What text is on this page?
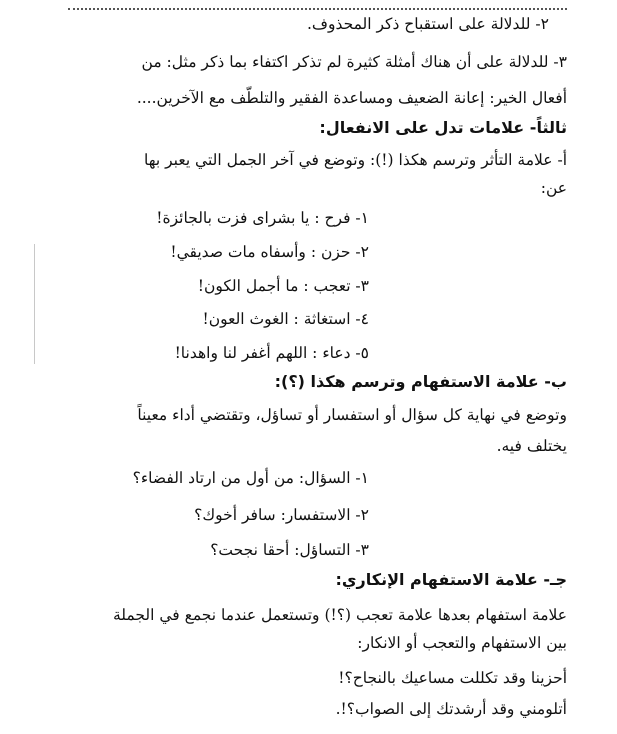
٢- للدلالة على استقباح ذكر المحذوف.

٣- للدلالة على أن هناك أمثلة كثيرة لم تذكر اكتفاء بما ذكر مثل: من

أفعال الخير: إعانة الضعيف ومساعدة الفقير والتلطّف مع الآخرين....

ثالثاً- علامات تدل على الانفعال:

أ- علامة التأثر وترسم هكذا (!): وتوضع في آخر الجمل التي يعبر بها

عن:

١- فرح : يا بشراى فزت بالجائزة!

٢- حزن : وأسفاه مات صديقي!

٣- تعجب : ما أجمل الكون!

٤- استغاثة : الغوث العون!

٥- دعاء : اللهم أغفر لنا واهدنا!

ب- علامة الاستفهام وترسم هكذا (؟):

وتوضع في نهاية كل سؤال أو استفسار أو تساؤل، وتقتضي أداء معيناً

يختلف فيه.

١- السؤال: من أول من ارتاد الفضاء؟

٢- الاستفسار: سافر أخوك؟

٣- التساؤل: أحقا نجحت؟

جـ- علامة الاستفهام الإنكاري:

علامة استفهام بعدها علامة تعجب (؟!) وتستعمل عندما نجمع في الجملة

بين الاستفهام والتعجب أو الانكار:

أحزينا وقد تكللت مساعيك بالنجاح؟!

أتلومني وقد أرشدتك إلى الصواب؟!.
